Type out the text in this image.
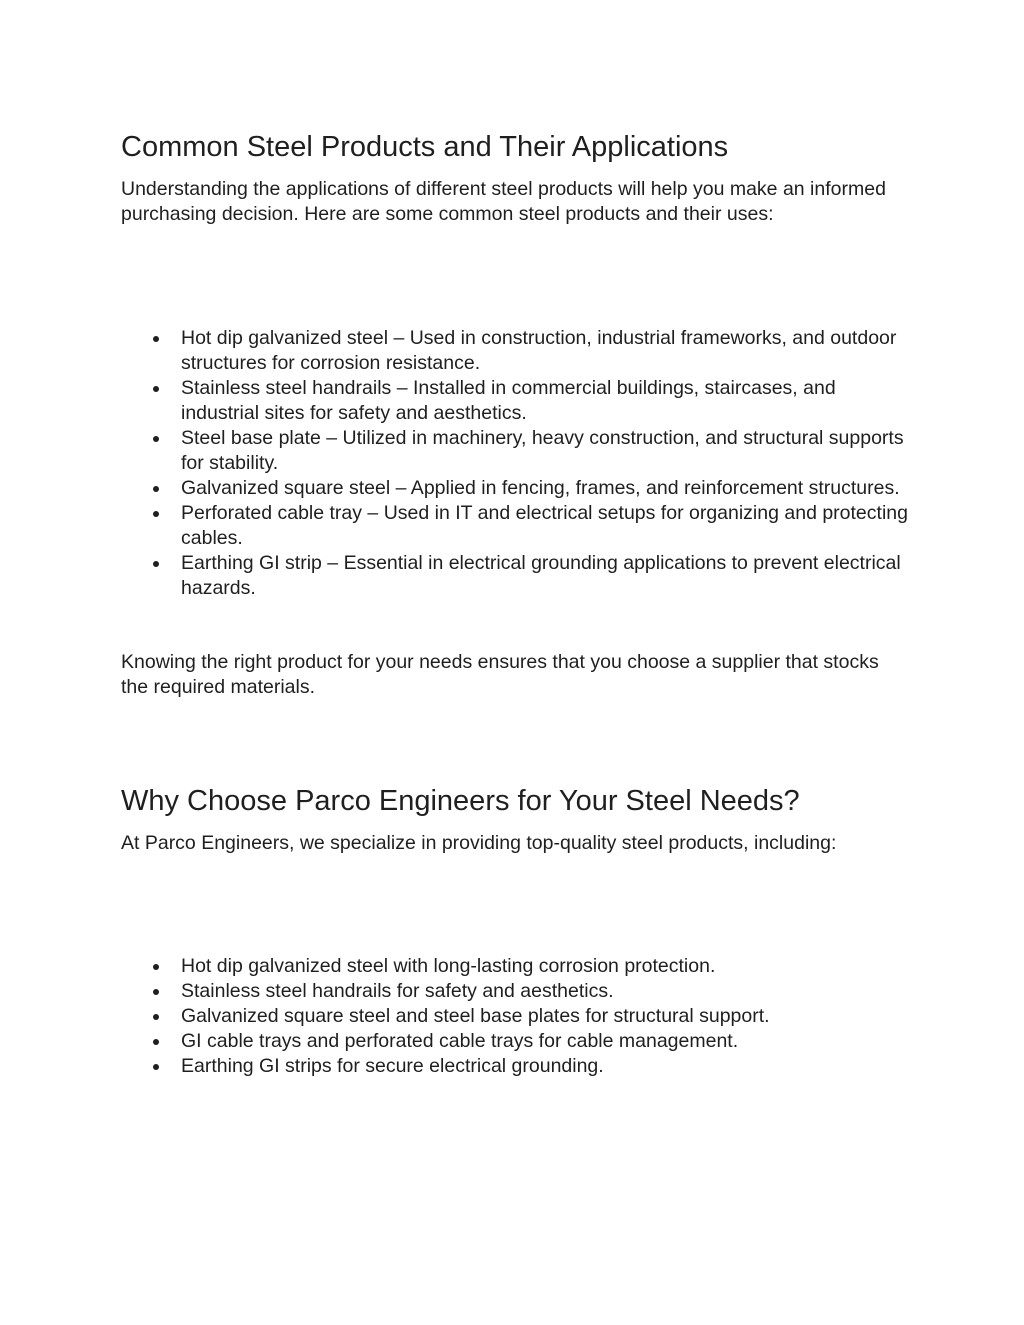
Common Steel Products and Their Applications

Understanding the applications of different steel products will help you make an informed purchasing decision. Here are some common steel products and their uses:

Hot dip galvanized steel – Used in construction, industrial frameworks, and outdoor structures for corrosion resistance.
Stainless steel handrails – Installed in commercial buildings, staircases, and industrial sites for safety and aesthetics.
Steel base plate – Utilized in machinery, heavy construction, and structural supports for stability.
Galvanized square steel – Applied in fencing, frames, and reinforcement structures.
Perforated cable tray – Used in IT and electrical setups for organizing and protecting cables.
Earthing GI strip – Essential in electrical grounding applications to prevent electrical hazards.

Knowing the right product for your needs ensures that you choose a supplier that stocks the required materials.

Why Choose Parco Engineers for Your Steel Needs?

At Parco Engineers, we specialize in providing top-quality steel products, including:

Hot dip galvanized steel with long-lasting corrosion protection.
Stainless steel handrails for safety and aesthetics.
Galvanized square steel and steel base plates for structural support.
GI cable trays and perforated cable trays for cable management.
Earthing GI strips for secure electrical grounding.
